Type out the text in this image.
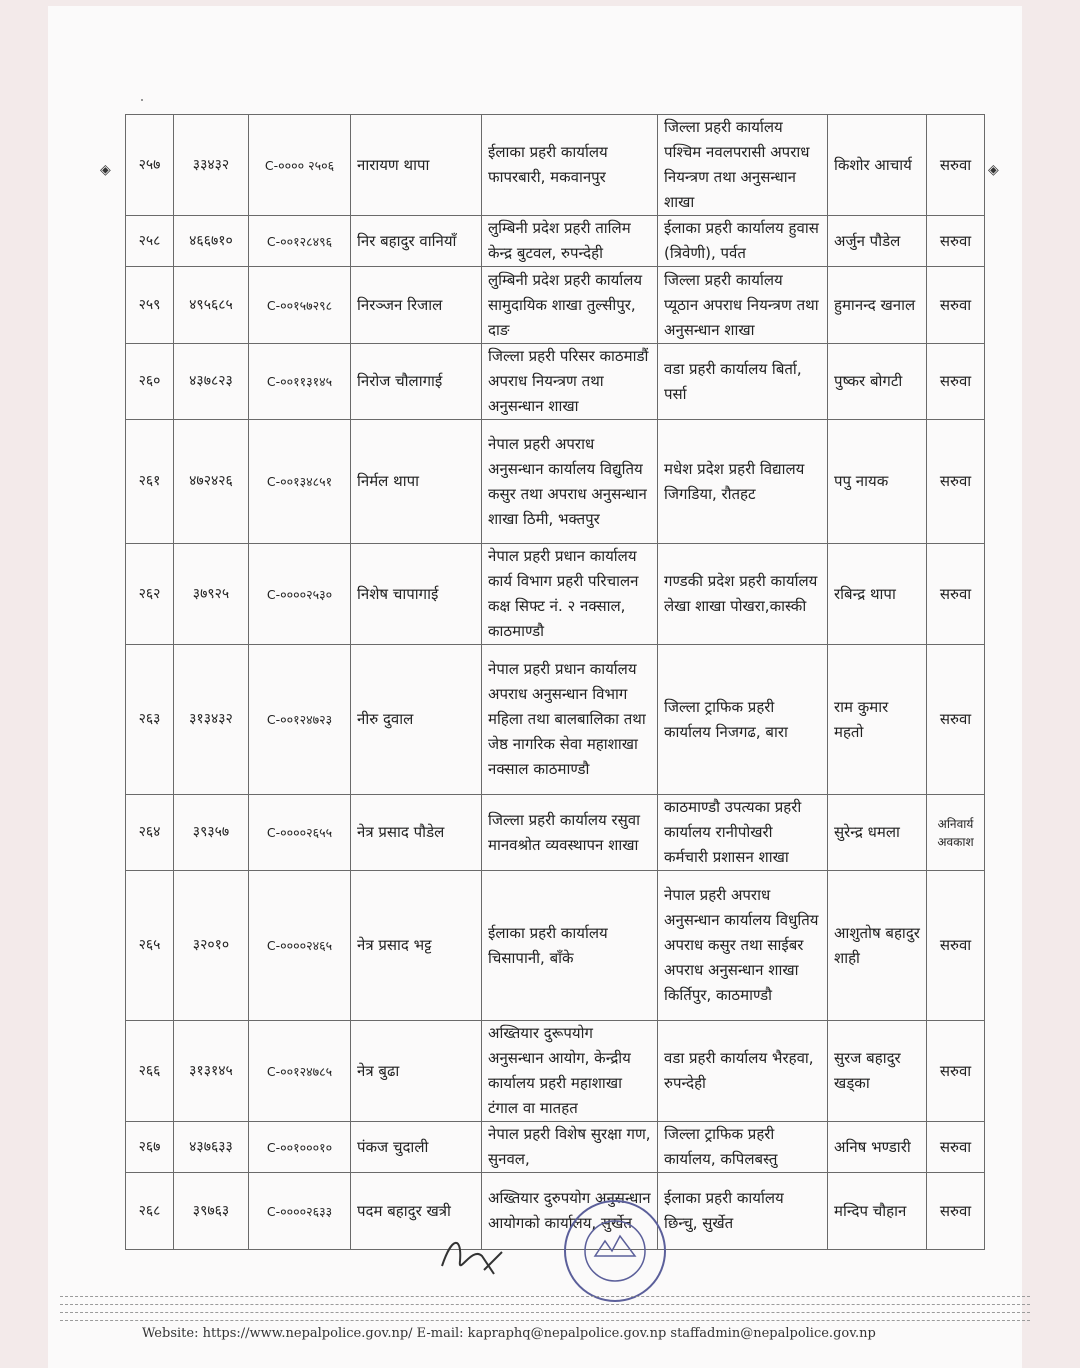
◈	◈
२५७	३३४३२	C-०००० २५०६	नारायण थापा	ईलाका प्रहरी कार्यालय फापरबारी, मकवानपुर	जिल्ला प्रहरी कार्यालय पश्चिम नवलपरासी अपराध नियन्त्रण तथा अनुसन्धान शाखा	किशोर आचार्य	सरुवा
२५८	४६६७१०	C-००१२८४९६	निर बहादुर वानियाँ	लुम्बिनी प्रदेश प्रहरी तालिम केन्द्र बुटवल, रुपन्देही	ईलाका प्रहरी कार्यालय हुवास (त्रिवेणी), पर्वत	अर्जुन पौडेल	सरुवा
२५९	४९५६८५	C-००१५७२९८	निरञ्जन रिजाल	लुम्बिनी प्रदेश प्रहरी कार्यालय सामुदायिक शाखा तुल्सीपुर, दाङ	जिल्ला प्रहरी कार्यालय प्यूठान अपराध नियन्त्रण तथा अनुसन्धान शाखा	हुमानन्द खनाल	सरुवा
२६०	४३७८२३	C-००११३१४५	निरोज चौलागाई	जिल्ला प्रहरी परिसर काठमाडौं अपराध नियन्त्रण तथा अनुसन्धान शाखा	वडा प्रहरी कार्यालय बिर्ता, पर्सा	पुष्कर बोगटी	सरुवा
२६१	४७२४२६	C-००१३४८५१	निर्मल थापा	नेपाल प्रहरी अपराध अनुसन्धान कार्यालय विद्युतिय कसुर तथा अपराध अनुसन्धान शाखा ठिमी, भक्तपुर	मधेश प्रदेश प्रहरी विद्यालय जिगडिया, रौतहट	पपु नायक	सरुवा
२६२	३७९२५	C-००००२५३०	निशेष चापागाई	नेपाल प्रहरी प्रधान कार्यालय कार्य विभाग प्रहरी परिचालन कक्ष सिफ्ट नं. २ नक्साल, काठमाण्डौ	गण्डकी प्रदेश प्रहरी कार्यालय लेखा शाखा पोखरा,कास्की	रबिन्द्र थापा	सरुवा
२६३	३१३४३२	C-००१२४७२३	नीरु दुवाल	नेपाल प्रहरी प्रधान कार्यालय अपराध अनुसन्धान विभाग महिला तथा बालबालिका तथा जेष्ठ नागरिक सेवा महाशाखा नक्साल काठमाण्डौ	जिल्ला ट्राफिक प्रहरी कार्यालय निजगढ, बारा	राम कुमार महतो	सरुवा
२६४	३९३५७	C-००००२६५५	नेत्र प्रसाद पौडेल	जिल्ला प्रहरी कार्यालय रसुवा मानवश्रोत व्यवस्थापन शाखा	काठमाण्डौ उपत्यका प्रहरी कार्यालय रानीपोखरी कर्मचारी प्रशासन शाखा	सुरेन्द्र धमला	अनिवार्य अवकाश
२६५	३२०१०	C-००००२४६५	नेत्र प्रसाद भट्ट	ईलाका प्रहरी कार्यालय चिसापानी, बाँके	नेपाल प्रहरी अपराध अनुसन्धान कार्यालय विधुतिय अपराध कसुर तथा साईबर अपराध अनुसन्धान शाखा किर्तिपुर, काठमाण्डौ	आशुतोष बहादुर शाही	सरुवा
२६६	३१३१४५	C-००१२४७८५	नेत्र बुढा	अख्तियार दुरूपयोग अनुसन्धान आयोग, केन्द्रीय कार्यालय प्रहरी महाशाखा टंगाल वा मातहत	वडा प्रहरी कार्यालय भैरहवा, रुपन्देही	सुरज बहादुर खड्का	सरुवा
२६७	४३७६३३	C-००१०००१०	पंकज चुदाली	नेपाल प्रहरी विशेष सुरक्षा गण, सुनवल,	जिल्ला ट्राफिक प्रहरी कार्यालय, कपिलबस्तु	अनिष भण्डारी	सरुवा
२६८	३९७६३	C-००००२६३३	पदम बहादुर खत्री	अख्तियार दुरुपयोग अनुसन्धान आयोगको कार्यालय, सुर्खेत	ईलाका प्रहरी कार्यालय छिन्चु, सुर्खेत	मन्दिप चौहान	सरुवा
Website: https://www.nepalpolice.gov.np/ E-mail: kapraphq@nepalpolice.gov.np staffadmin@nepalpolice.gov.np
